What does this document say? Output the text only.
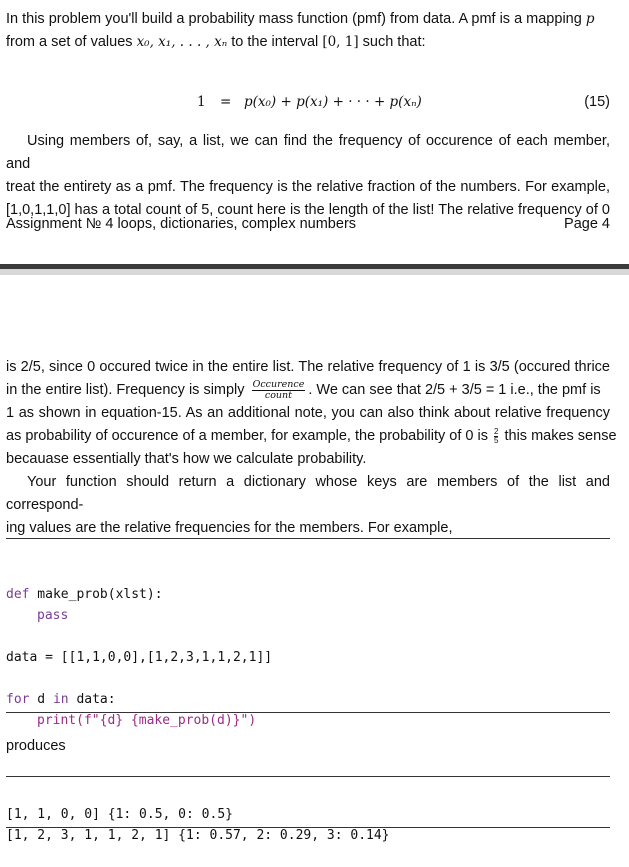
In this problem you'll build a probability mass function (pmf) from data. A pmf is a mapping p
from a set of values x₀, x₁, . . . , xₙ to the interval [0, 1] such that:
1 = p(x₀) + p(x₁) + · · · + p(xₙ)	(15)
Using members of, say, a list, we can find the frequency of occurence of each member, and
treat the entirety as a pmf. The frequency is the relative fraction of the numbers. For example,
[1,0,1,1,0] has a total count of 5, count here is the length of the list! The relative frequency of 0
Assignment № 4 loops, dictionaries, complex numbers	Page 4
is 2/5, since 0 occured twice in the entire list. The relative frequency of 1 is 3/5 (occured thrice
in the entire list). Frequency is simply $\frac{\text{Occurence}}{\text{count}}$ . We can see that 2/5 + 3/5 = 1 i.e., the pmf is
1 as shown in equation-15. As an additional note, you can also think about relative frequency
as probability of occurence of a member, for example, the probability of 0 is $\frac{2}{5}$ this makes sense
becauase essentially that's how we calculate probability.
Your function should return a dictionary whose keys are members of the list and correspond-
ing values are the relative frequencies for the members. For example,

def make_prob(xlst):
pass
data = [[1,1,0,0],[1,2,3,1,1,2,1]]
for d in data:
print(f"{d} {make_prob(d)}")

produces

[1, 1, 0, 0] {1: 0.5, 0: 0.5}
[1, 2, 3, 1, 1, 2, 1] {1: 0.57, 2: 0.29, 3: 0.14}
